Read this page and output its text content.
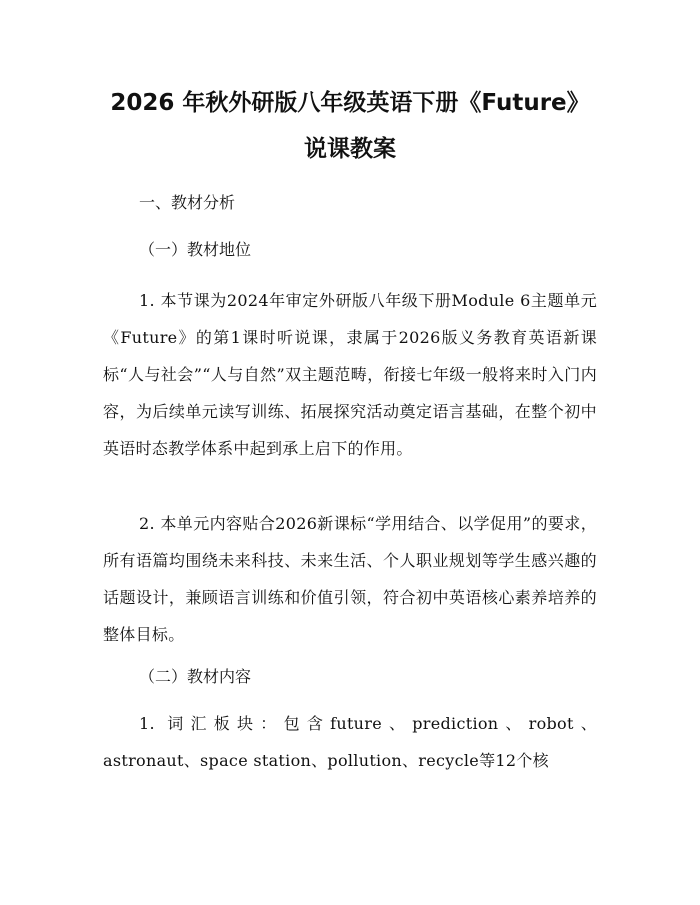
2026 年秋外研版八年级英语下册《Future》
说课教案
一、教材分析
（一）教材地位
1. 本节课为2024年审定外研版八年级下册Module 6主题单元《Future》的第1课时听说课，隶属于2026版义务教育英语新课标“人与社会”“人与自然”双主题范畴，衔接七年级一般将来时入门内容，为后续单元读写训练、拓展探究活动奠定语言基础，在整个初中英语时态教学体系中起到承上启下的作用。
2. 本单元内容贴合2026新课标“学用结合、以学促用”的要求，所有语篇均围绕未来科技、未来生活、个人职业规划等学生感兴趣的话题设计，兼顾语言训练和价值引领，符合初中英语核心素养培养的整体目标。
（二）教材内容
1. 词汇板块：包含future、prediction、robot、astronaut、space station、pollution、recycle等12个核
